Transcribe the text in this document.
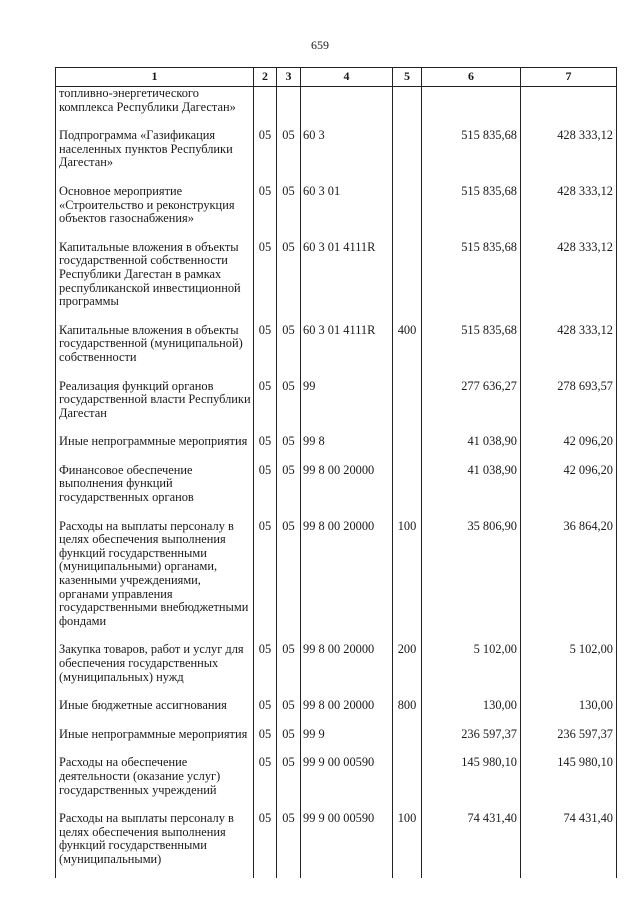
659
1	2	3	4	5	6	7
топливно-энергетического комплекса Республики Дагестан»						
Подпрограмма «Газификация населенных пунктов Республики Дагестан»	05	05	60 3		515 835,68	428 333,12
Основное мероприятие «Строительство и реконструкция объектов газоснабжения»	05	05	60 3 01		515 835,68	428 333,12
Капитальные вложения в объекты государственной собственности Республики Дагестан в рамках республиканской инвестиционной программы	05	05	60 3 01 4111R		515 835,68	428 333,12
Капитальные вложения в объекты государственной (муниципальной) собственности	05	05	60 3 01 4111R	400	515 835,68	428 333,12
Реализация функций органов государственной власти Республики Дагестан	05	05	99		277 636,27	278 693,57
Иные непрограммные мероприятия	05	05	99 8		41 038,90	42 096,20
Финансовое обеспечение выполнения функций государственных органов	05	05	99 8 00 20000		41 038,90	42 096,20
Расходы на выплаты персоналу в целях обеспечения выполнения функций государственными (муниципальными) органами, казенными учреждениями, органами управления государственными внебюджетными фондами	05	05	99 8 00 20000	100	35 806,90	36 864,20
Закупка товаров, работ и услуг для обеспечения государственных (муниципальных) нужд	05	05	99 8 00 20000	200	5 102,00	5 102,00
Иные бюджетные ассигнования	05	05	99 8 00 20000	800	130,00	130,00
Иные непрограммные мероприятия	05	05	99 9		236 597,37	236 597,37
Расходы на обеспечение деятельности (оказание услуг) государственных учреждений	05	05	99 9 00 00590		145 980,10	145 980,10
Расходы на выплаты персоналу в целях обеспечения выполнения функций государственными (муниципальными)	05	05	99 9 00 00590	100	74 431,40	74 431,40
